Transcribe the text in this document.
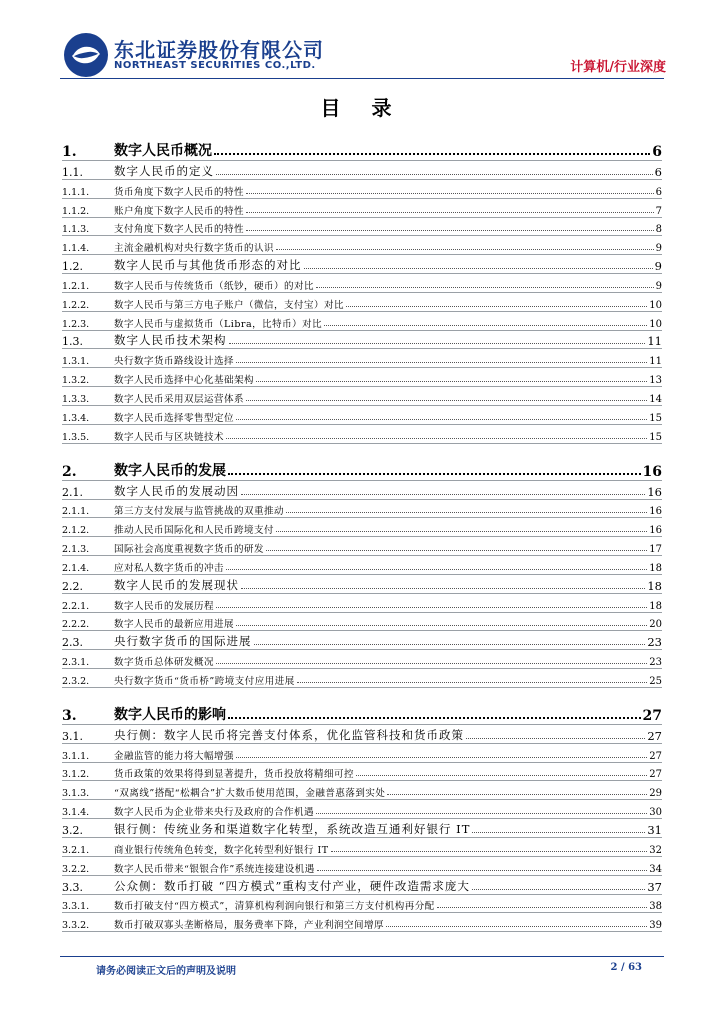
东北证券股份有限公司
NORTHEAST SECURITIES CO.,LTD.	计算机/行业深度
目 录
1.	数字人民币概况	6
1.1.	数字人民币的定义	6
1.1.1.	货币角度下数字人民币的特性	6
1.1.2.	账户角度下数字人民币的特性	7
1.1.3.	支付角度下数字人民币的特性	8
1.1.4.	主流金融机构对央行数字货币的认识	9
1.2.	数字人民币与其他货币形态的对比	9
1.2.1.	数字人民币与传统货币（纸钞，硬币）的对比	9
1.2.2.	数字人民币与第三方电子账户（微信，支付宝）对比	10
1.2.3.	数字人民币与虚拟货币（Libra，比特币）对比	10
1.3.	数字人民币技术架构	11
1.3.1.	央行数字货币路线设计选择	11
1.3.2.	数字人民币选择中心化基础架构	13
1.3.3.	数字人民币采用双层运营体系	14
1.3.4.	数字人民币选择零售型定位	15
1.3.5.	数字人民币与区块链技术	15
2.	数字人民币的发展	16
2.1.	数字人民币的发展动因	16
2.1.1.	第三方支付发展与监管挑战的双重推动	16
2.1.2.	推动人民币国际化和人民币跨境支付	16
2.1.3.	国际社会高度重视数字货币的研发	17
2.1.4.	应对私人数字货币的冲击	18
2.2.	数字人民币的发展现状	18
2.2.1.	数字人民币的发展历程	18
2.2.2.	数字人民币的最新应用进展	20
2.3.	央行数字货币的国际进展	23
2.3.1.	数字货币总体研发概况	23
2.3.2.	央行数字货币“货币桥”跨境支付应用进展	25
3.	数字人民币的影响	27
3.1.	央行侧：数字人民币将完善支付体系，优化监管科技和货币政策	27
3.1.1.	金融监管的能力将大幅增强	27
3.1.2.	货币政策的效果将得到显著提升，货币投放将精细可控	27
3.1.3.	“双离线”搭配“松耦合”扩大数币使用范围，金融普惠落到实处	29
3.1.4.	数字人民币为企业带来央行及政府的合作机遇	30
3.2.	银行侧：传统业务和渠道数字化转型，系统改造互通利好银行 IT	31
3.2.1.	商业银行传统角色转变，数字化转型利好银行 IT	32
3.2.2.	数字人民币带来“银银合作”系统连接建设机遇	34
3.3.	公众侧：数币打破 “四方模式”重构支付产业，硬件改造需求庞大	37
3.3.1.	数币打破支付“四方模式”，清算机构利润向银行和第三方支付机构再分配	38
3.3.2.	数币打破双寡头垄断格局，服务费率下降，产业利润空间增厚	39
请务必阅读正文后的声明及说明	2 / 63
